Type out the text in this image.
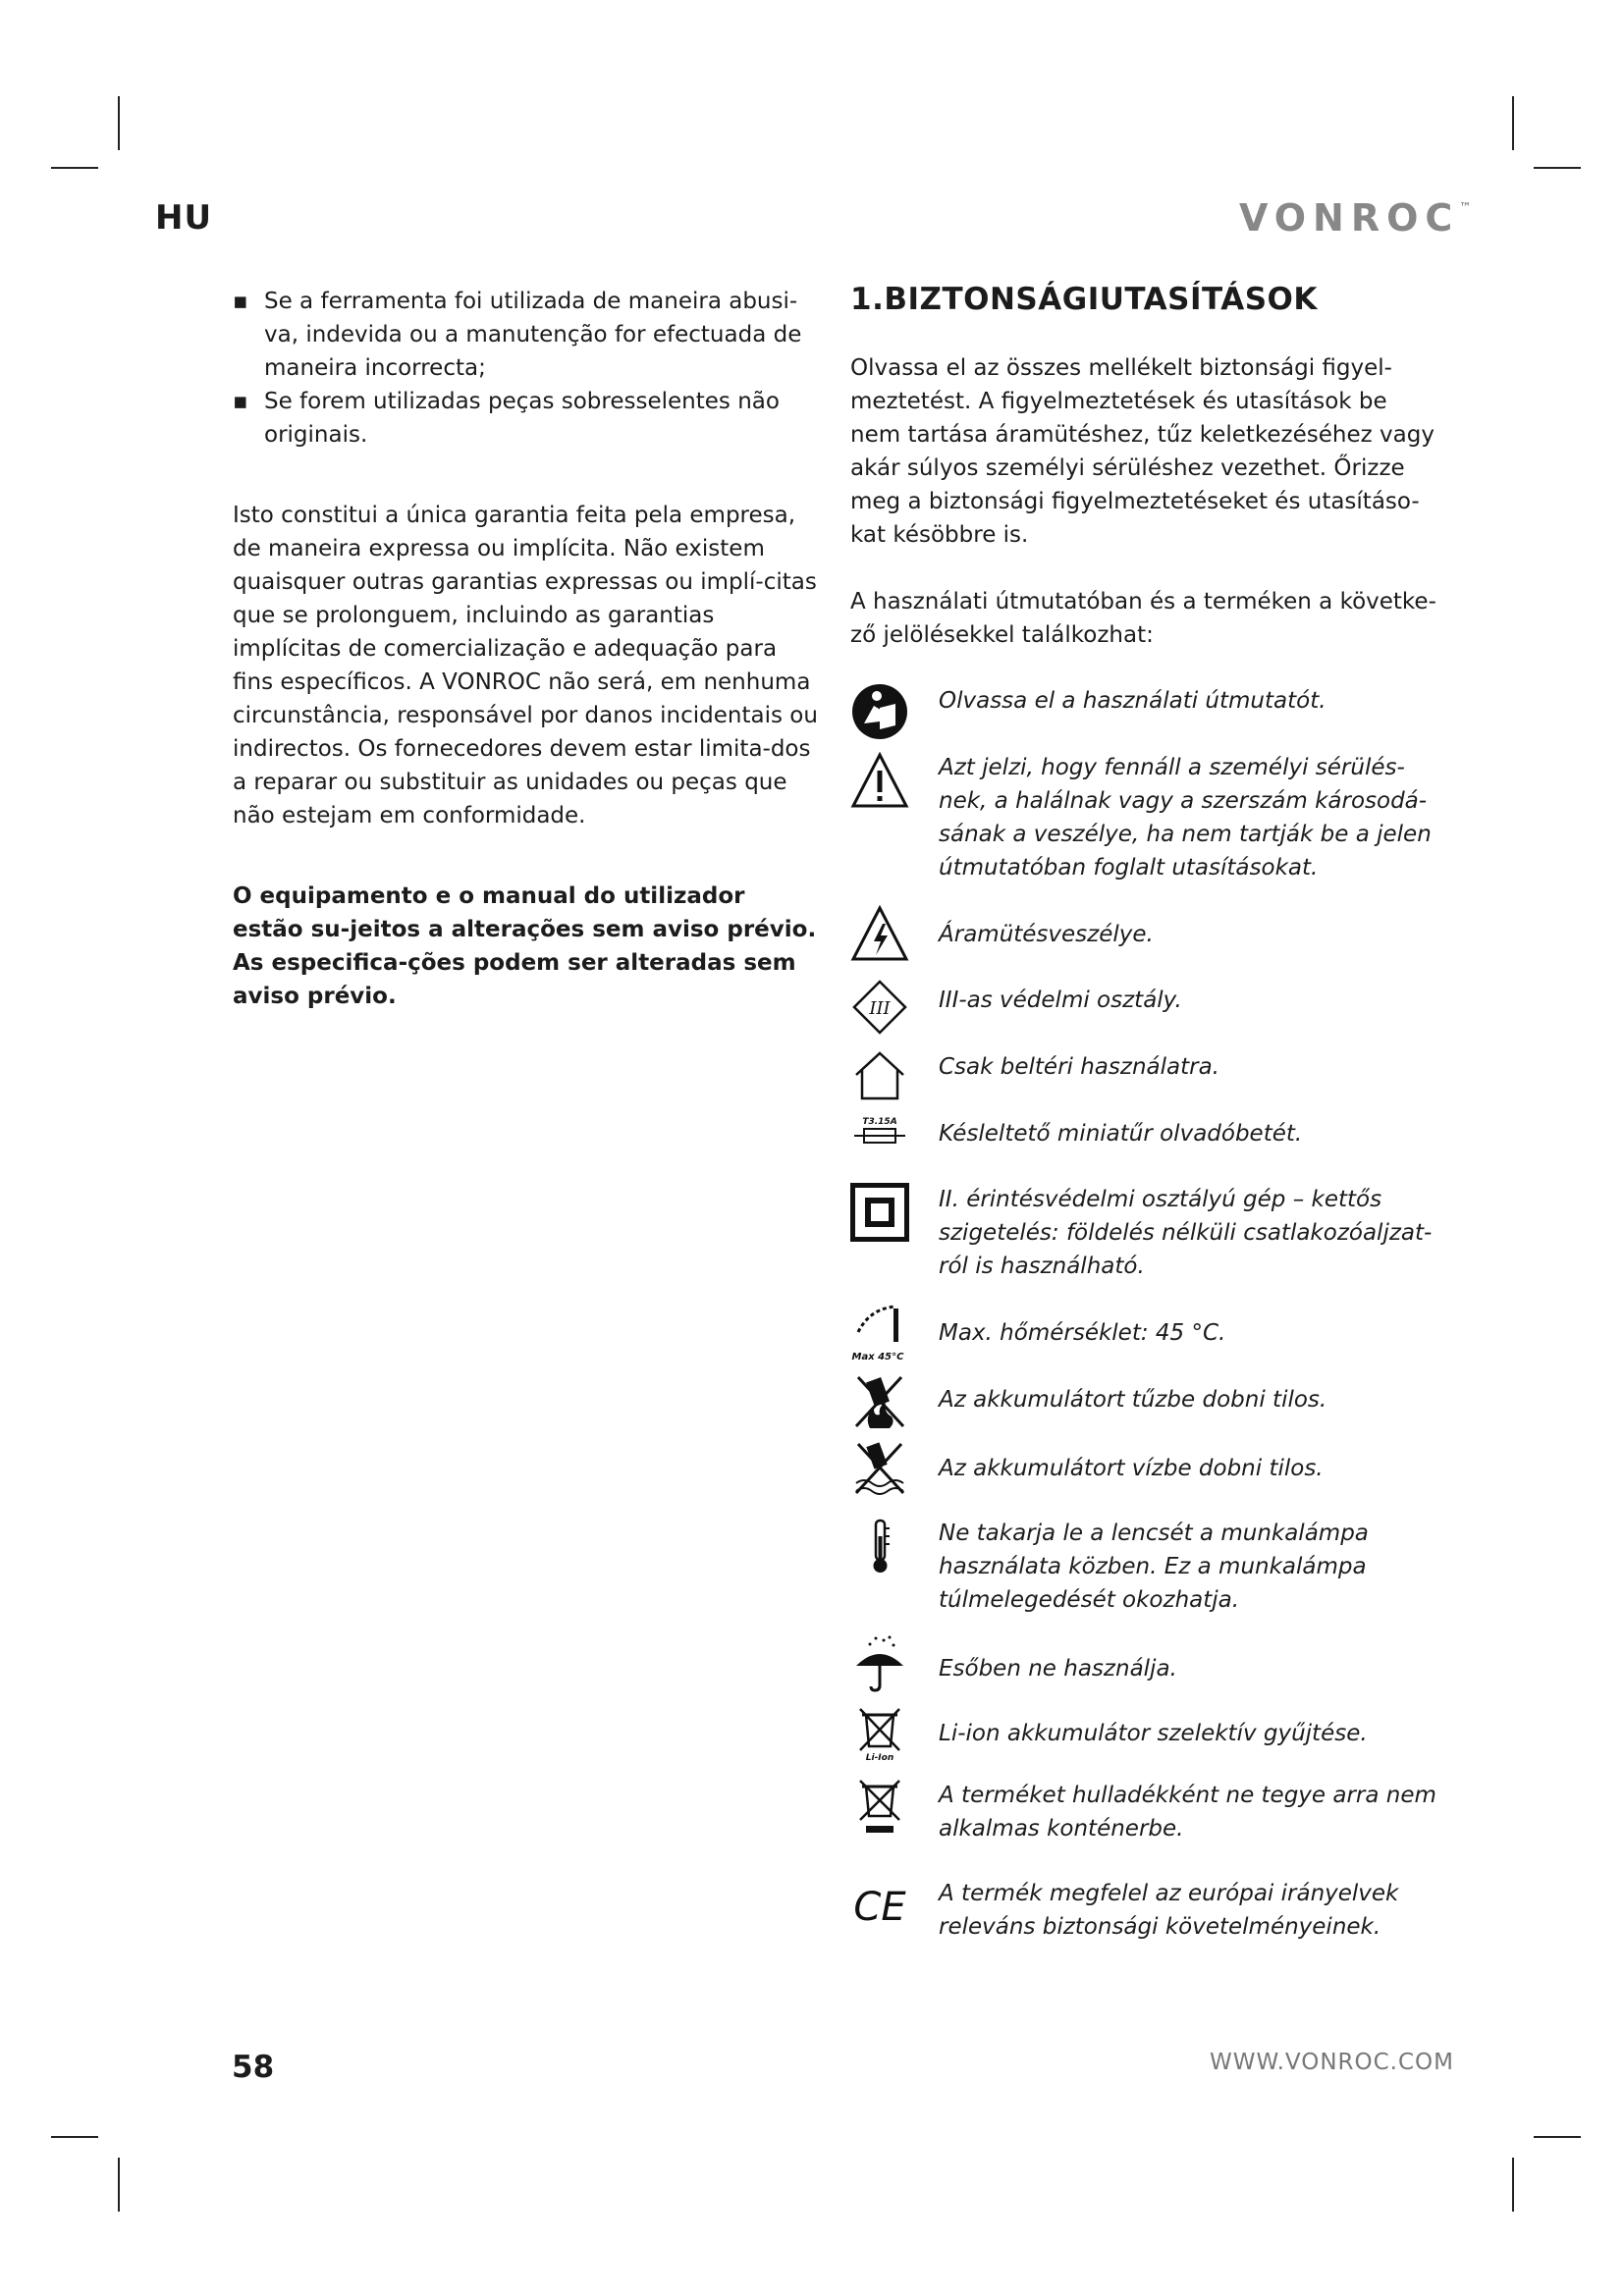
HU	VONROC™

▪ Se a ferramenta foi utilizada de maneira abusi-va, indevida ou a manutenção for efectuada de maneira incorrecta;

▪ Se forem utilizadas peças sobresselentes não originais.

Isto constitui a única garantia feita pela empresa, de maneira expressa ou implícita. Não existem quaisquer outras garantias expressas ou implí-citas que se prolonguem, incluindo as garantias implícitas de comercialização e adequação para fins específicos. A VONROC não será, em nenhuma circunstância, responsável por danos incidentais ou indirectos. Os fornecedores devem estar limita-dos a reparar ou substituir as unidades ou peças que não estejam em conformidade.

O equipamento e o manual do utilizador estão su-jeitos a alterações sem aviso prévio. As especifica-ções podem ser alteradas sem aviso prévio.

1.BIZTONSÁGIUTASÍTÁSOK

Olvassa el az összes mellékelt biztonsági figyel-meztetést. A figyelmeztetések és utasítások be nem tartása áramütéshez, tűz keletkezéséhez vagy akár súlyos személyi sérüléshez vezethet. Őrizze meg a biztonsági figyelmeztetéseket és utasításo-kat késöbbre is.

A használati útmutatóban és a terméken a követke-ző jelölésekkel találkozhat:

Olvassa el a használati útmutatót.
Azt jelzi, hogy fennáll a személyi sérülés-nek, a halálnak vagy a szerszám károsodá-sának a veszélye, ha nem tartják be a jelen útmutatóban foglalt utasításokat.
Áramütésveszélye.
III III-as védelmi osztály.
Csak beltéri használatra.
T3.15A Késleltető miniatűr olvadóbetét.
II. érintésvédelmi osztályú gép – kettős szigetelés: földelés nélküli csatlakozóaljzat-ról is használható.
Max 45°C
Max. hőmérséklet: 45 °C.
Az akkumulátort tűzbe dobni tilos.
Az akkumulátort vízbe dobni tilos.
Ne takarja le a lencsét a munkalámpa használata közben. Ez a munkalámpa túlmelegedését okozhatja.
Esőben ne használja.
Li-Ion
Li-ion akkumulátor szelektív gyűjtése.
A terméket hulladékként ne tegye arra nem alkalmas konténerbe.
CE A termék megfelel az európai irányelvek releváns biztonsági követelményeinek.
58	WWW.VONROC.COM
